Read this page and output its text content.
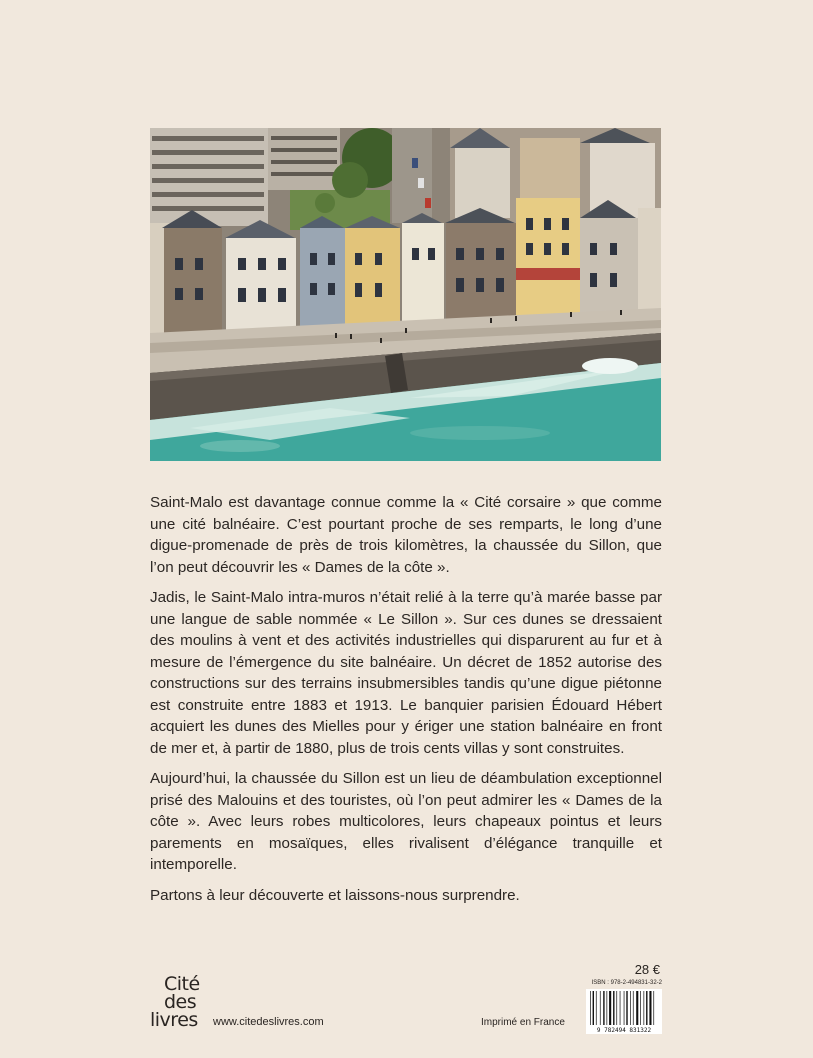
Saint-Malo est davantage connue comme la « Cité corsaire » que comme une cité balnéaire. C’est pourtant proche de ses remparts, le long d’une digue-promenade de près de trois kilomètres, la chaussée du Sillon, que l’on peut découvrir les « Dames de la côte ».

Jadis, le Saint-Malo intra-muros n’était relié à la terre qu’à marée basse par une langue de sable nommée « Le Sillon ». Sur ces dunes se dressaient des moulins à vent et des activités industrielles qui disparurent au fur et à mesure de l’émergence du site balnéaire. Un décret de 1852 autorise des constructions sur des terrains insubmersibles tandis qu’une digue piétonne est construite entre 1883 et 1913. Le banquier parisien Édouard Hébert acquiert les dunes des Mielles pour y ériger une station balnéaire en front de mer et, à partir de 1880, plus de trois cents villas y sont construites.

Aujourd’hui, la chaussée du Sillon est un lieu de déambulation exceptionnel prisé des Malouins et des touristes, où l’on peut admirer les « Dames de la côte ». Avec leurs robes multicolores, leurs chapeaux pointus et leurs parements en mosaïques, elles rivalisent d’élégance tranquille et intemporelle.

Partons à leur découverte et laissons-nous surprendre.

Cité
des
livres	www.citedeslivres.com	Imprimé en France
28 €
ISBN : 978-2-494831-32-2
9 782494 831322
